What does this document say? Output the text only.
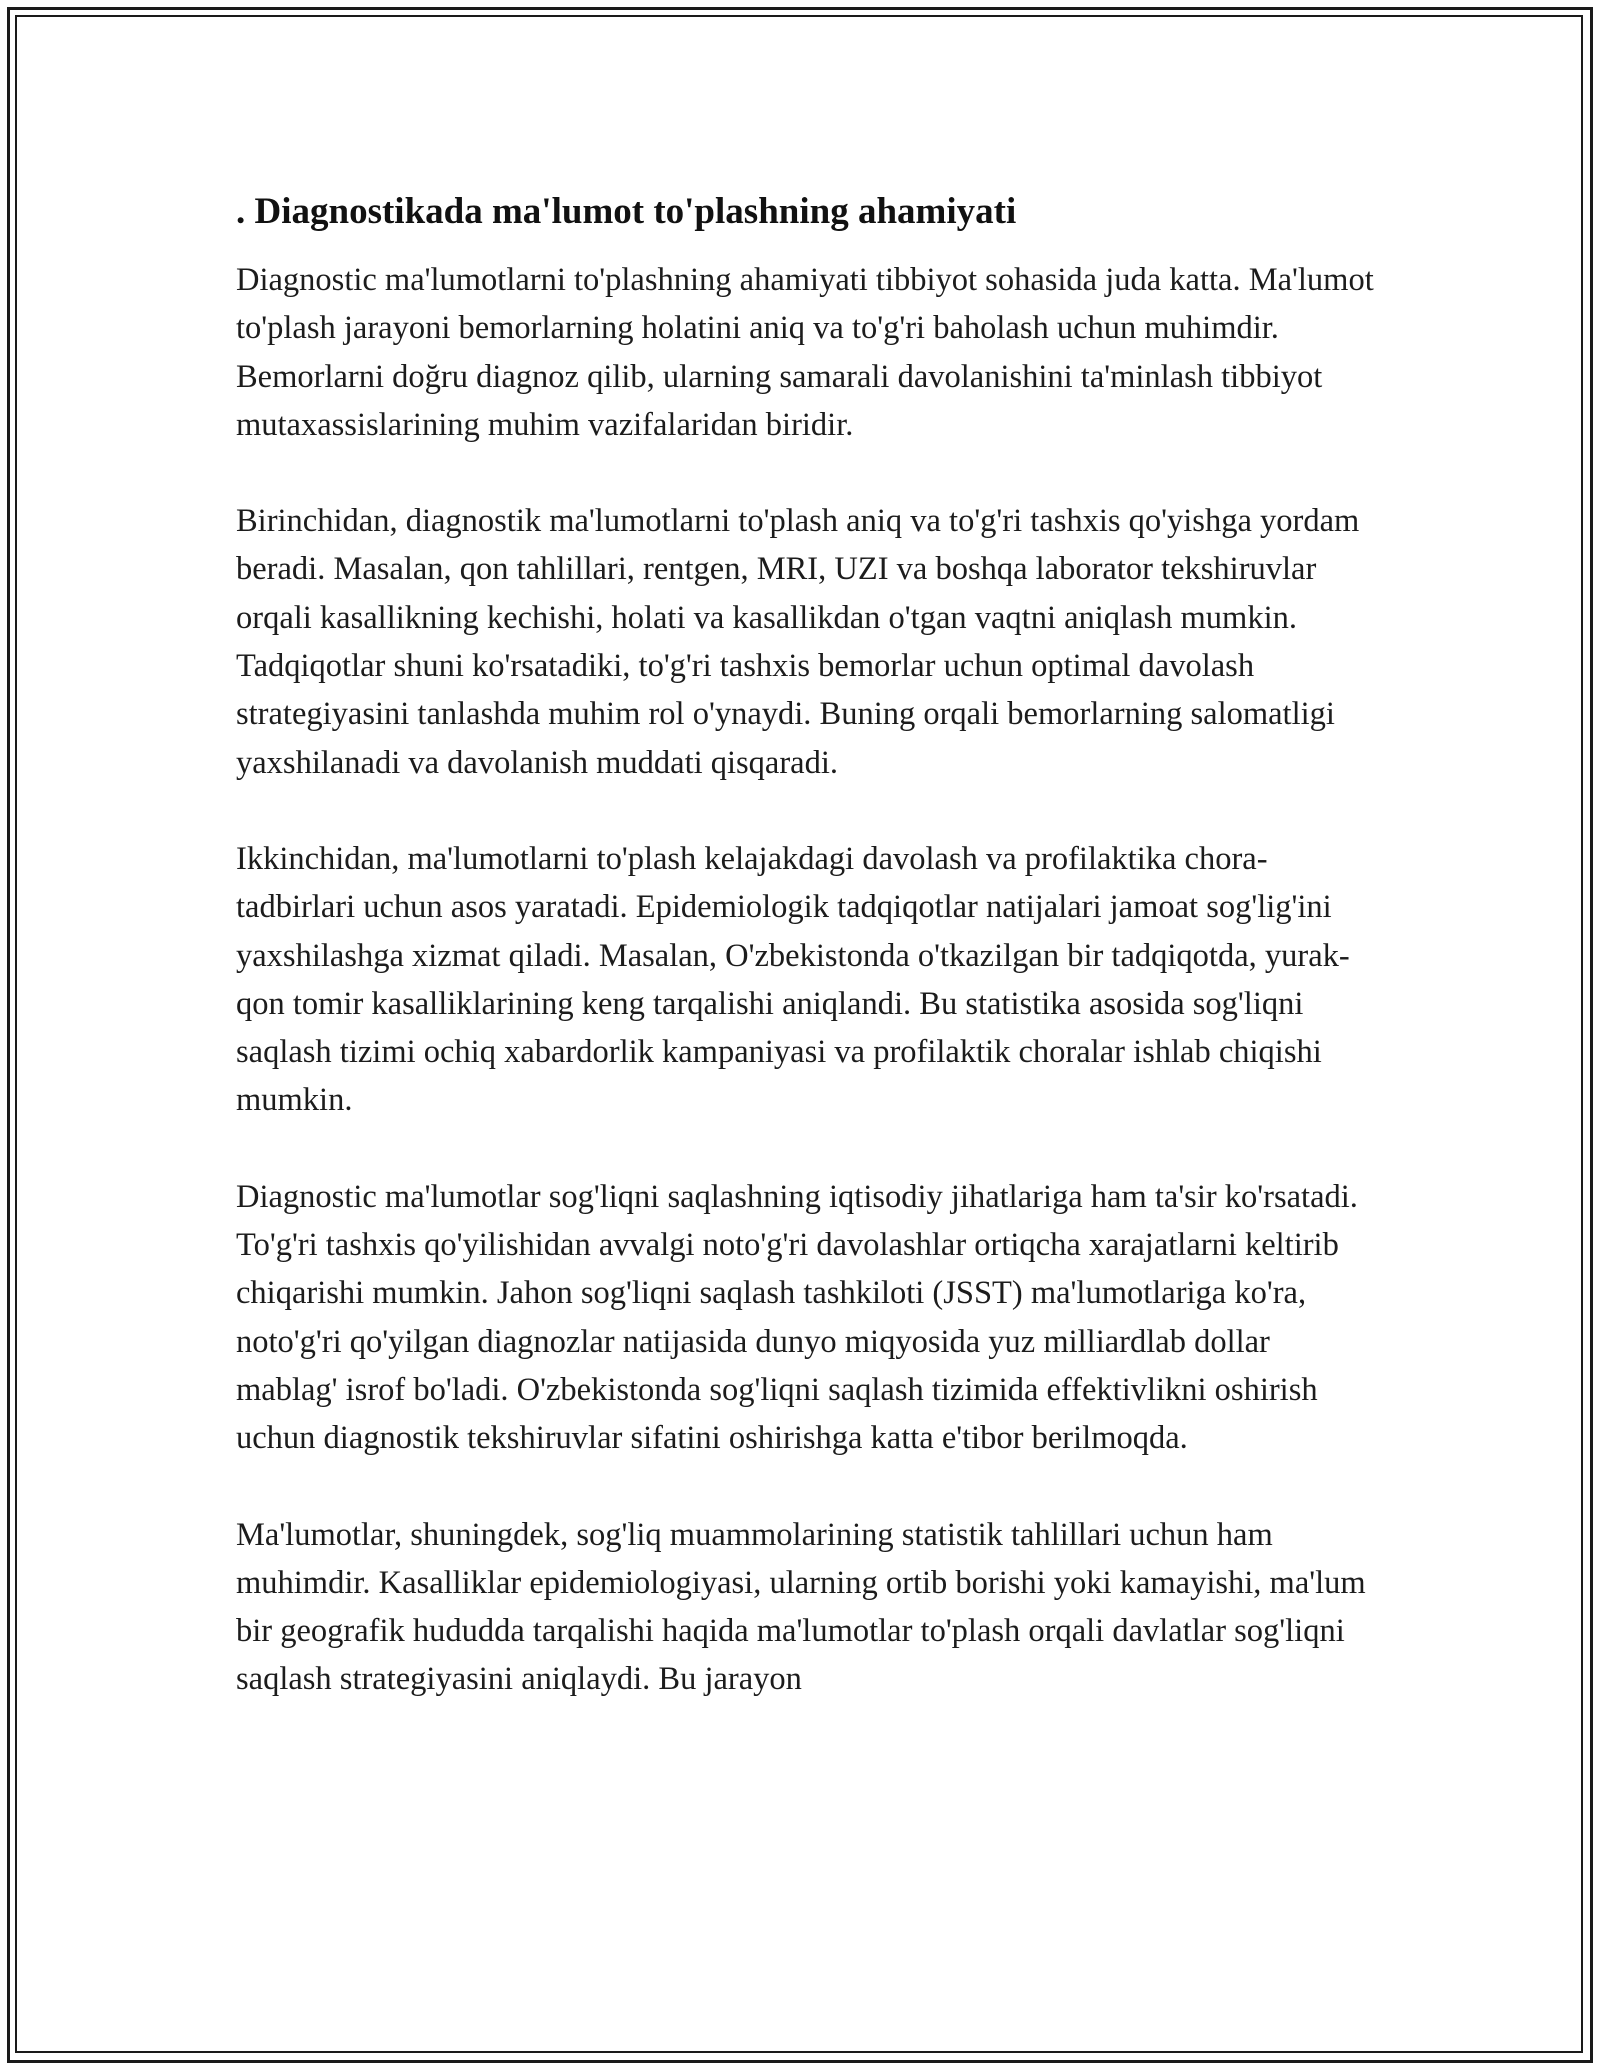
. Diagnostikada ma'lumot to'plashning ahamiyati

Diagnostic ma'lumotlarni to'plashning ahamiyati tibbiyot sohasida juda katta. Ma'lumot to'plash jarayoni bemorlarning holatini aniq va to'g'ri baholash uchun muhimdir. Bemorlarni doğru diagnoz qilib, ularning samarali davolanishini ta'minlash tibbiyot mutaxassislarining muhim vazifalaridan biridir.

Birinchidan, diagnostik ma'lumotlarni to'plash aniq va to'g'ri tashxis qo'yishga yordam beradi. Masalan, qon tahlillari, rentgen, MRI, UZI va boshqa laborator tekshiruvlar orqali kasallikning kechishi, holati va kasallikdan o'tgan vaqtni aniqlash mumkin. Tadqiqotlar shuni ko'rsatadiki, to'g'ri tashxis bemorlar uchun optimal davolash strategiyasini tanlashda muhim rol o'ynaydi. Buning orqali bemorlarning salomatligi yaxshilanadi va davolanish muddati qisqaradi.

Ikkinchidan, ma'lumotlarni to'plash kelajakdagi davolash va profilaktika chora-tadbirlari uchun asos yaratadi. Epidemiologik tadqiqotlar natijalari jamoat sog'lig'ini yaxshilashga xizmat qiladi. Masalan, O'zbekistonda o'tkazilgan bir tadqiqotda, yurak-qon tomir kasalliklarining keng tarqalishi aniqlandi. Bu statistika asosida sog'liqni saqlash tizimi ochiq xabardorlik kampaniyasi va profilaktik choralar ishlab chiqishi mumkin.

Diagnostic ma'lumotlar sog'liqni saqlashning iqtisodiy jihatlariga ham ta'sir ko'rsatadi. To'g'ri tashxis qo'yilishidan avvalgi noto'g'ri davolashlar ortiqcha xarajatlarni keltirib chiqarishi mumkin. Jahon sog'liqni saqlash tashkiloti (JSST) ma'lumotlariga ko'ra, noto'g'ri qo'yilgan diagnozlar natijasida dunyo miqyosida yuz milliardlab dollar mablag' isrof bo'ladi. O'zbekistonda sog'liqni saqlash tizimida effektivlikni oshirish uchun diagnostik tekshiruvlar sifatini oshirishga katta e'tibor berilmoqda.

Ma'lumotlar, shuningdek, sog'liq muammolarining statistik tahlillari uchun ham muhimdir. Kasalliklar epidemiologiyasi, ularning ortib borishi yoki kamayishi, ma'lum bir geografik hududda tarqalishi haqida ma'lumotlar to'plash orqali davlatlar sog'liqni saqlash strategiyasini aniqlaydi. Bu jarayon
